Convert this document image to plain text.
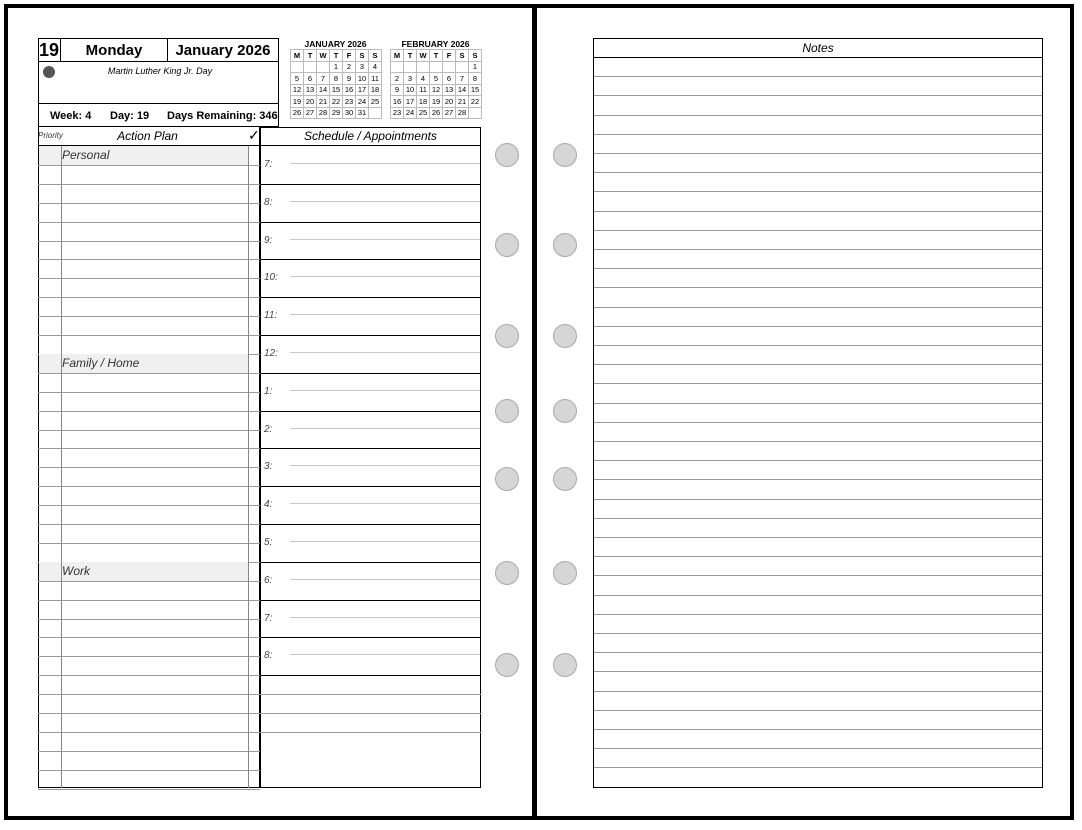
19	Monday	January 2026
Martin Luther King Jr. Day
Week: 4 Day: 19 Days Remaining: 346
JANUARY 2026
M	T	W	T	F	S	S
			1	2	3	4
5	6	7	8	9	10	11
12	13	14	15	16	17	18
19	20	21	22	23	24	25
26	27	28	29	30	31	
FEBRUARY 2026
M	T	W	T	F	S	S
						1
2	3	4	5	6	7	8
9	10	11	12	13	14	15
16	17	18	19	20	21	22
23	24	25	26	27	28	
Priority	Action Plan	✓	Schedule / Appointments
Personal
Family / Home
Work
7:
8:
9:
10:
11:
12:
1:
2:
3:
4:
5:
6:
7:
8:
Notes
